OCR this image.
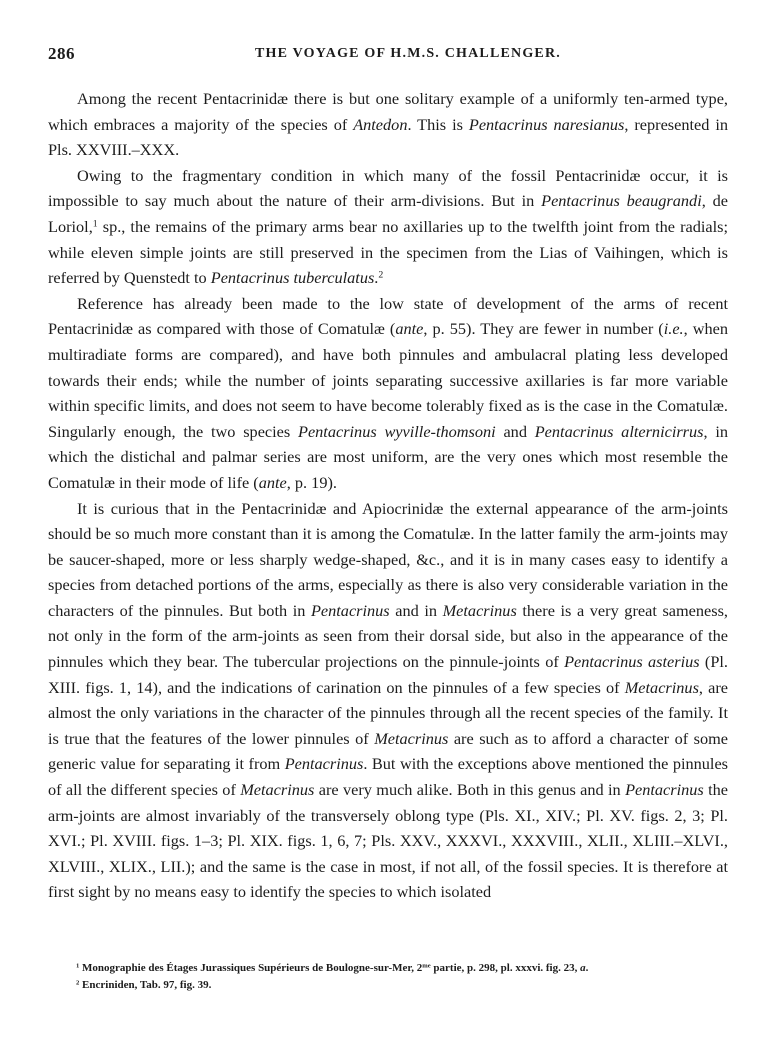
286	THE VOYAGE OF H.M.S. CHALLENGER.

Among the recent Pentacrinidæ there is but one solitary example of a uniformly ten-armed type, which embraces a majority of the species of Antedon. This is Pentacrinus naresianus, represented in Pls. XXVIII.–XXX.

Owing to the fragmentary condition in which many of the fossil Pentacrinidæ occur, it is impossible to say much about the nature of their arm-divisions. But in Pentacrinus beaugrandi, de Loriol,$^1$ sp., the remains of the primary arms bear no axillaries up to the twelfth joint from the radials; while eleven simple joints are still preserved in the specimen from the Lias of Vaihingen, which is referred by Quenstedt to Pentacrinus tuberculatus.$^2$

Reference has already been made to the low state of development of the arms of recent Pentacrinidæ as compared with those of Comatulæ (ante, p. 55). They are fewer in number (i.e., when multiradiate forms are compared), and have both pinnules and ambulacral plating less developed towards their ends; while the number of joints separating successive axillaries is far more variable within specific limits, and does not seem to have become tolerably fixed as is the case in the Comatulæ. Singularly enough, the two species Pentacrinus wyville-thomsoni and Pentacrinus alternicirrus, in which the distichal and palmar series are most uniform, are the very ones which most resemble the Comatulæ in their mode of life (ante, p. 19).

It is curious that in the Pentacrinidæ and Apiocrinidæ the external appearance of the arm-joints should be so much more constant than it is among the Comatulæ. In the latter family the arm-joints may be saucer-shaped, more or less sharply wedge-shaped, &c., and it is in many cases easy to identify a species from detached portions of the arms, especially as there is also very considerable variation in the characters of the pinnules. But both in Pentacrinus and in Metacrinus there is a very great sameness, not only in the form of the arm-joints as seen from their dorsal side, but also in the appearance of the pinnules which they bear. The tubercular projections on the pinnule-joints of Pentacrinus asterius (Pl. XIII. figs. 1, 14), and the indications of carination on the pinnules of a few species of Metacrinus, are almost the only variations in the character of the pinnules through all the recent species of the family. It is true that the features of the lower pinnules of Metacrinus are such as to afford a character of some generic value for separating it from Pentacrinus. But with the exceptions above mentioned the pinnules of all the different species of Metacrinus are very much alike. Both in this genus and in Pentacrinus the arm-joints are almost invariably of the transversely oblong type (Pls. XI., XIV.; Pl. XV. figs. 2, 3; Pl. XVI.; Pl. XVIII. figs. 1–3; Pl. XIX. figs. 1, 6, 7; Pls. XXV., XXXVI., XXXVIII., XLII., XLIII.–XLVI., XLVIII., XLIX., LII.); and the same is the case in most, if not all, of the fossil species. It is therefore at first sight by no means easy to identify the species to which isolated

$^1$ Monographie des Étages Jurassiques Supérieurs de Boulogne-sur-Mer, $2^{me}$ partie, p. 298, pl. xxxvi. fig. 23, a.
$^2$ Encriniden, Tab. 97, fig. 39.
